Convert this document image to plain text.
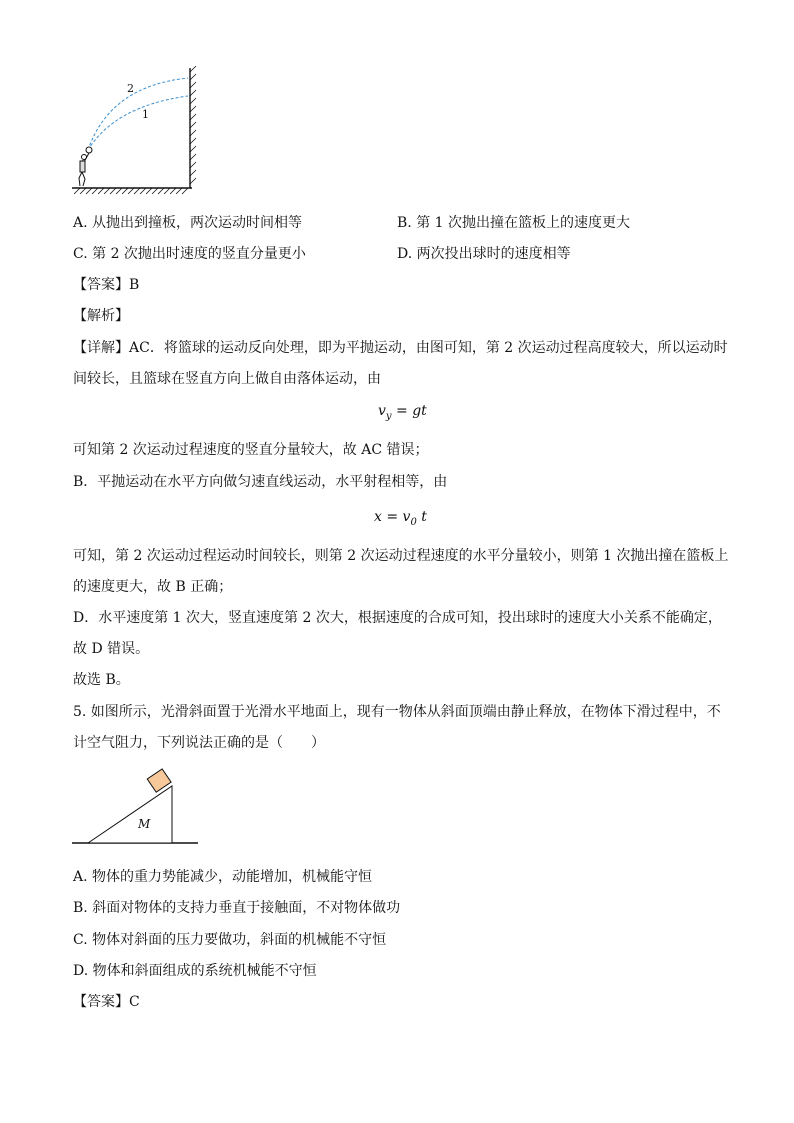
2
1
A. 从抛出到撞板，两次运动时间相等	B. 第 1 次抛出撞在篮板上的速度更大
C. 第 2 次抛出时速度的竖直分量更小	D. 两次投出球时的速度相等
【答案】B
【解析】
【详解】AC．将篮球的运动反向处理，即为平抛运动，由图可知，第 2 次运动过程高度较大，所以运动时
间较长，且篮球在竖直方向上做自由落体运动，由
$v_y$ = gt
可知第 2 次运动过程速度的竖直分量较大，故 AC 错误；
B．平抛运动在水平方向做匀速直线运动，水平射程相等，由
$x = v_0$ t
可知，第 2 次运动过程运动时间较长，则第 2 次运动过程速度的水平分量较小，则第 1 次抛出撞在篮板上
的速度更大，故 B 正确；
D．水平速度第 1 次大，竖直速度第 2 次大，根据速度的合成可知，投出球时的速度大小关系不能确定，
故 D 错误。
故选 B。
5. 如图所示，光滑斜面置于光滑水平地面上，现有一物体从斜面顶端由静止释放，在物体下滑过程中，不
计空气阻力，下列说法正确的是（　　）
M
A. 物体的重力势能减少，动能增加，机械能守恒
B. 斜面对物体的支持力垂直于接触面，不对物体做功
C. 物体对斜面的压力要做功，斜面的机械能不守恒
D. 物体和斜面组成的系统机械能不守恒
【答案】C
